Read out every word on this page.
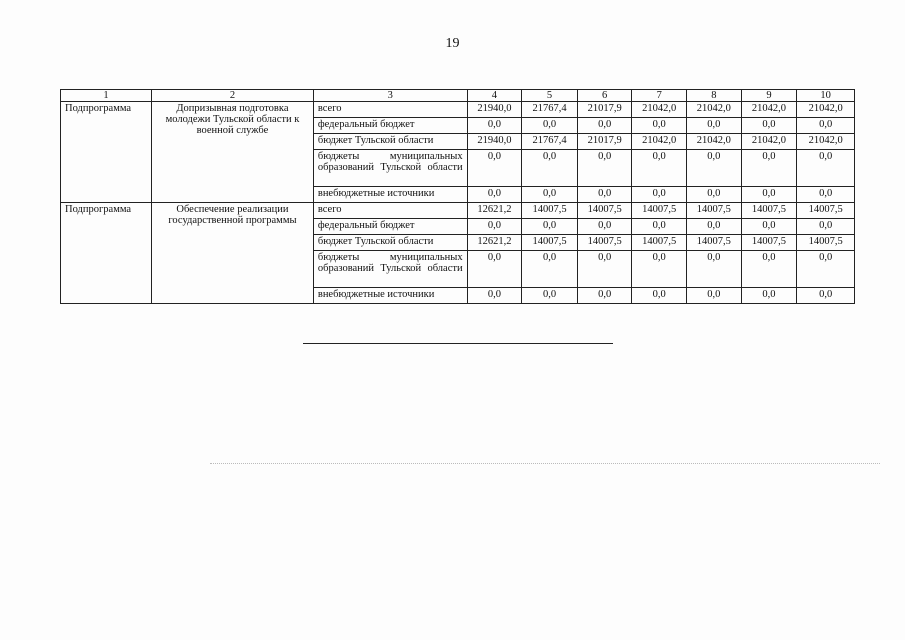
19
1	2	3	4	5	6	7	8	9	10
Подпрограмма	Допризывная подготовка молодежи Тульской области к военной службе	всего	21940,0	21767,4	21017,9	21042,0	21042,0	21042,0	21042,0
		федеральный бюджет	0,0	0,0	0,0	0,0	0,0	0,0	0,0
		бюджет Тульской области	21940,0	21767,4	21017,9	21042,0	21042,0	21042,0	21042,0
		бюджеты муниципальных образований Тульской области	0,0	0,0	0,0	0,0	0,0	0,0	0,0
		внебюджетные источники	0,0	0,0	0,0	0,0	0,0	0,0	0,0
Подпрограмма	Обеспечение реализации государственной программы	всего	12621,2	14007,5	14007,5	14007,5	14007,5	14007,5	14007,5
		федеральный бюджет	0,0	0,0	0,0	0,0	0,0	0,0	0,0
		бюджет Тульской области	12621,2	14007,5	14007,5	14007,5	14007,5	14007,5	14007,5
		бюджеты муниципальных образований Тульской области	0,0	0,0	0,0	0,0	0,0	0,0	0,0
		внебюджетные источники	0,0	0,0	0,0	0,0	0,0	0,0	0,0
